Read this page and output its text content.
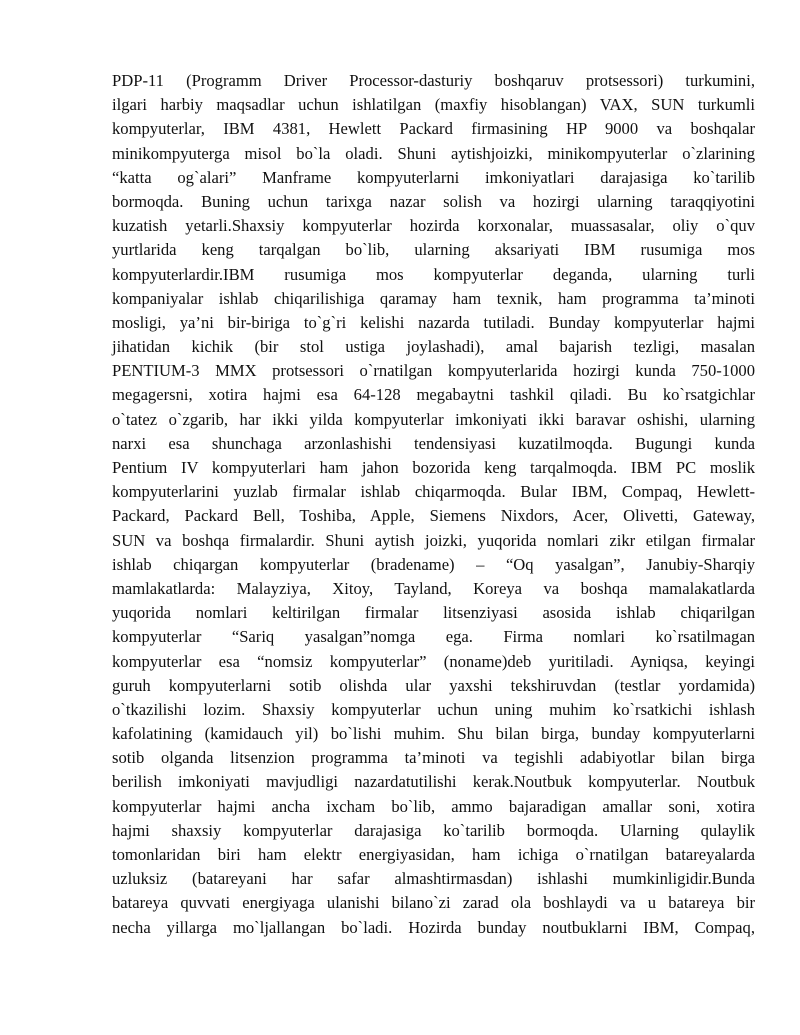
PDP-11 (Programm Driver Processor-dasturiy boshqaruv protsessori) turkumini,
ilgari harbiy maqsadlar uchun ishlatilgan (maxfiy hisoblangan) VAX, SUN turkumli
kompyuterlar, IBM 4381, Hewlett Packard firmasining HP 9000 va boshqalar
minikompyuterga misol bo`la oladi. Shuni aytishjoizki, minikompyuterlar o`zlarining
“katta og`alari” Manframe kompyuterlarni imkoniyatlari darajasiga ko`tarilib
bormoqda. Buning uchun tarixga nazar solish va hozirgi ularning taraqqiyotini
kuzatish yetarli.Shaxsiy kompyuterlar hozirda korxonalar, muassasalar, oliy o`quv
yurtlarida keng tarqalgan bo`lib, ularning aksariyati IBM rusumiga mos
kompyuterlardir.IBM rusumiga mos kompyuterlar deganda, ularning turli
kompaniyalar ishlab chiqarilishiga qaramay ham texnik, ham programma ta’minoti
mosligi, ya’ni bir-biriga to`g`ri kelishi nazarda tutiladi. Bunday kompyuterlar hajmi
jihatidan kichik (bir stol ustiga joylashadi), amal bajarish tezligi, masalan
PENTIUM-3 MMX protsessori o`rnatilgan kompyuterlarida hozirgi kunda 750-1000
megagersni, xotira hajmi esa 64-128 megabaytni tashkil qiladi. Bu ko`rsatgichlar
o`tatez o`zgarib, har ikki yilda kompyuterlar imkoniyati ikki baravar oshishi, ularning
narxi esa shunchaga arzonlashishi tendensiyasi kuzatilmoqda. Bugungi kunda
Pentium IV kompyuterlari ham jahon bozorida keng tarqalmoqda. IBM PC moslik
kompyuterlarini yuzlab firmalar ishlab chiqarmoqda. Bular IBM, Compaq, Hewlett-
Packard, Packard Bell, Toshiba, Apple, Siemens Nixdors, Acer, Olivetti, Gateway,
SUN va boshqa firmalardir. Shuni aytish joizki, yuqorida nomlari zikr etilgan firmalar
ishlab chiqargan kompyuterlar (bradename) – “Oq yasalgan”, Janubiy-Sharqiy
mamlakatlarda: Malayziya, Xitoy, Tayland, Koreya va boshqa mamalakatlarda
yuqorida nomlari keltirilgan firmalar litsenziyasi asosida ishlab chiqarilgan
kompyuterlar “Sariq yasalgan”nomga ega. Firma nomlari ko`rsatilmagan
kompyuterlar esa “nomsiz kompyuterlar” (noname)deb yuritiladi. Ayniqsa, keyingi
guruh kompyuterlarni sotib olishda ular yaxshi tekshiruvdan (testlar yordamida)
o`tkazilishi lozim. Shaxsiy kompyuterlar uchun uning muhim ko`rsatkichi ishlash
kafolatining (kamidauch yil) bo`lishi muhim. Shu bilan birga, bunday kompyuterlarni
sotib olganda litsenzion programma ta’minoti va tegishli adabiyotlar bilan birga
berilish imkoniyati mavjudligi nazardatutilishi kerak.Noutbuk kompyuterlar. Noutbuk
kompyuterlar hajmi ancha ixcham bo`lib, ammo bajaradigan amallar soni, xotira
hajmi shaxsiy kompyuterlar darajasiga ko`tarilib bormoqda. Ularning qulaylik
tomonlaridan biri ham elektr energiyasidan, ham ichiga o`rnatilgan batareyalarda
uzluksiz (batareyani har safar almashtirmasdan) ishlashi mumkinligidir.Bunda
batareya quvvati energiyaga ulanishi bilano`zi zarad ola boshlaydi va u batareya bir
necha yillarga mo`ljallangan bo`ladi. Hozirda bunday noutbuklarni IBM, Compaq,
